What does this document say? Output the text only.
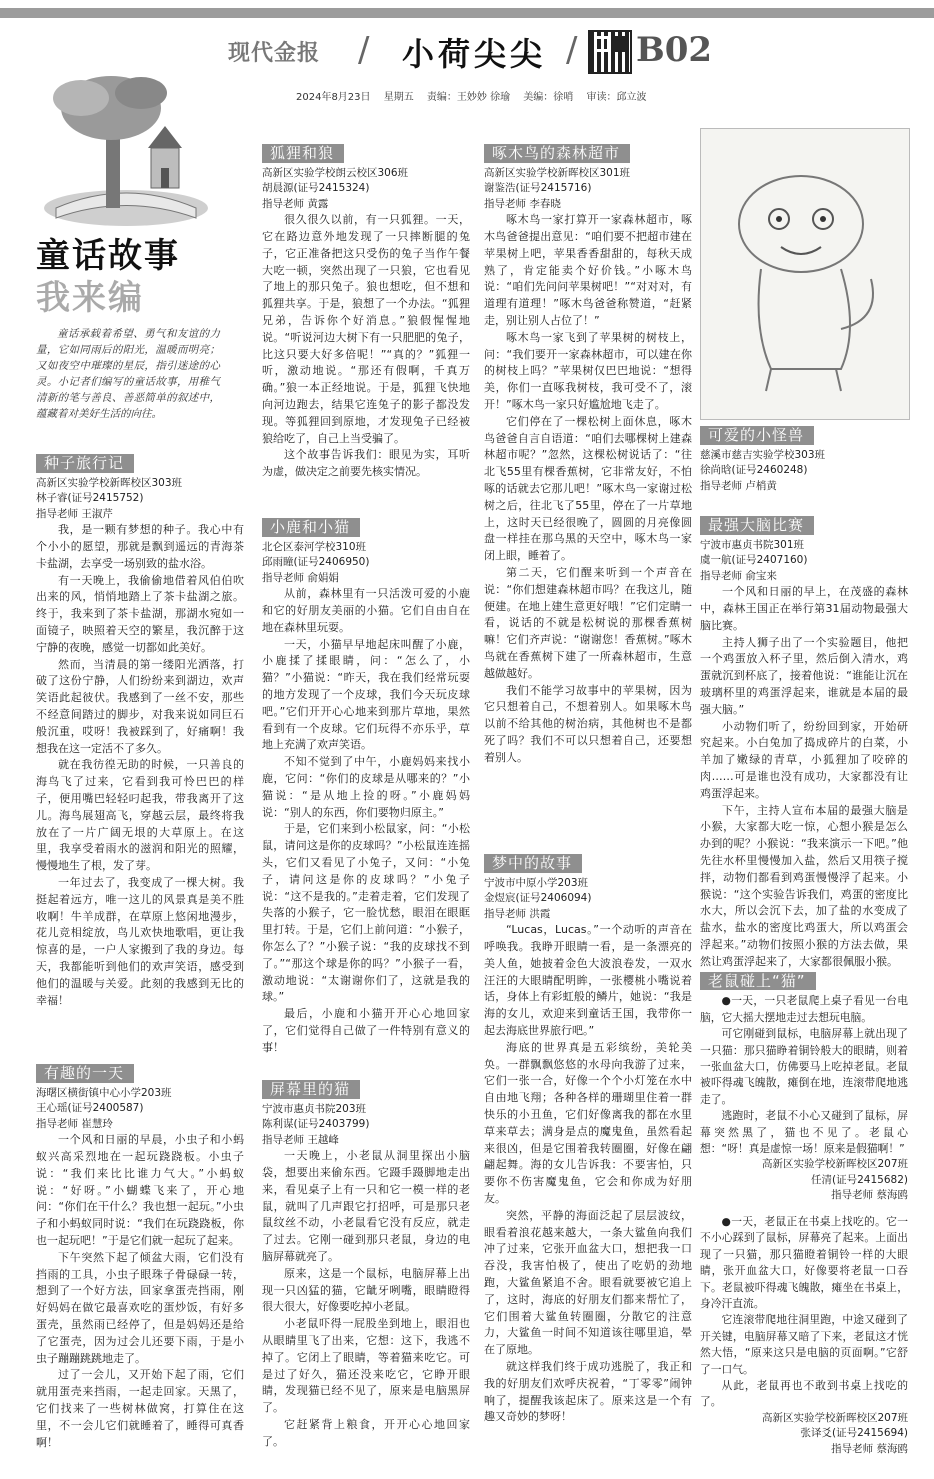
现代金报 / 小荷尖尖 / B02
2024年8月23日 星期五 责编：王妙妙 徐瑜 美编：徐哨 审读：邱立波
童话故事
我来编
童话承载着希望、勇气和友谊的力量，它如同雨后的阳光，温暖而明亮；又如夜空中璀璨的星辰，指引迷途的心灵。小记者们编写的童话故事，用稚气清新的笔与善良、善恶简单的叙述中，蕴藏着对美好生活的向往。
种子旅行记
高新区实验学校新晖校区303班
林子睿(证号2415752)
指导老师 王淑芹

我，是一颗有梦想的种子。我心中有个小小的愿望，那就是飘到遥远的青海茶卡盐湖，去享受一场别致的盐水浴。

有一天晚上，我偷偷地借着风伯伯吹出来的风，悄悄地踏上了茶卡盐湖之旅。终于，我来到了茶卡盐湖，那湖水宛如一面镜子，映照着天空的繁星，我沉醉于这宁静的夜晚，感觉一切都如此美好。

然而，当清晨的第一缕阳光洒落，打破了这份宁静，人们纷纷来到湖边，欢声笑语此起彼伏。我感到了一丝不安，那些不经意间踏过的脚步，对我来说如同巨石般沉重，哎呀！我被踩到了，好痛啊！我想我在这一定活不了多久。

就在我彷徨无助的时候，一只善良的海鸟飞了过来，它看到我可怜巴巴的样子，便用嘴巴轻轻叼起我，带我离开了这儿。海鸟展翅高飞，穿越云层，最终将我放在了一片广阔无垠的大草原上。在这里，我享受着雨水的滋润和阳光的照耀，慢慢地生了根，发了芽。

一年过去了，我变成了一棵大树。我挺起着远方，唯一这儿的风景真是美不胜收啊！牛羊成群，在草原上悠闲地漫步，花儿竞相绽放，鸟儿欢快地歌唱，更让我惊喜的是，一户人家搬到了我的身边。每天，我都能听到他们的欢声笑语，感受到他们的温暖与关爱。此刻的我感到无比的幸福！

有趣的一天
海曙区横街镇中心小学203班
王心瑶(证号2400587)
指导老师 崔慧玲

一个风和日丽的早晨，小虫子和小蚂蚁兴高采烈地在一起玩跷跷板。小虫子说：“我们来比比谁力气大。”小蚂蚁说：“好呀。”小蝴蝶飞来了，开心地问：“你们在干什么？我也想一起玩。”小虫子和小蚂蚁同时说：“我们在玩跷跷板，你也一起玩吧！”于是它们就一起玩了起来。

下午突然下起了倾盆大雨，它们没有挡雨的工具，小虫子眼珠子骨碌碌一转，想到了一个好方法，回家拿蛋壳挡雨，刚好妈妈在做它最喜欢吃的蛋炒饭，有好多蛋壳，虽然雨已经停了，但是妈妈还是给了它蛋壳，因为过会儿还要下雨，于是小虫子蹦蹦跳跳地走了。

过了一会儿，又开始下起了雨，它们就用蛋壳来挡雨，一起走回家。天黑了，它们找来了一些树林做窝，打算住在这里，不一会儿它们就睡着了，睡得可真香啊！

狐狸和狼
高新区实验学校朗云校区306班
胡晨源(证号2415324)
指导老师 黄露

很久很久以前，有一只狐狸。一天，它在路边意外地发现了一只摔断腿的兔子，它正准备把这只受伤的兔子当作午餐大吃一顿，突然出现了一只狼，它也看见了地上的那只兔子。狼也想吃，但不想和狐狸共享。于是，狼想了一个办法。“狐狸兄弟，告诉你个好消息。”狼假惺惺地说。“听说河边大树下有一只肥肥的兔子，比这只要大好多倍呢！”“真的？”狐狸一听，激动地说。“那还有假啊，千真万确。”狼一本正经地说。于是，狐狸飞快地向河边跑去，结果它连兔子的影子都没发现。等狐狸回到原地，才发现兔子已经被狼给吃了，自己上当受骗了。

这个故事告诉我们：眼见为实，耳听为虚，做决定之前要先核实情况。

小鹿和小猫
北仑区泰河学校310班
邱雨瞳(证号2406950)
指导老师 俞娟娟

从前，森林里有一只活泼可爱的小鹿和它的好朋友美丽的小猫。它们自由自在地在森林里玩耍。

一天，小猫早早地起床叫醒了小鹿，小鹿揉了揉眼睛，问：“怎么了，小猫？”小猫说：“昨天，我在我们经常玩耍的地方发现了一个皮球，我们今天玩皮球吧。”它们开开心心地来到那片草地，果然看到有一个皮球。它们玩得不亦乐乎，草地上充满了欢声笑语。

不知不觉到了中午，小鹿妈妈来找小鹿，它问：“你们的皮球是从哪来的？”小猫说：“是从地上捡的呀。”小鹿妈妈说：“别人的东西，你们要物归原主。”

于是，它们来到小松鼠家，问：“小松鼠，请问这是你的皮球吗？”小松鼠连连摇头，它们又看见了小兔子，又问：“小兔子，请问这是你的皮球吗？”小兔子说：“这不是我的。”走着走着，它们发现了失落的小猴子，它一脸忧愁，眼泪在眼眶里打转。于是，它们上前问道：“小猴子，你怎么了？”小猴子说：“我的皮球找不到了。”“那这个球是你的吗？”小猴子一看，激动地说：“太谢谢你们了，这就是我的球。”

最后，小鹿和小猫开开心心地回家了，它们觉得自己做了一件特别有意义的事！

屏幕里的猫
宁波市惠贞书院203班
陈利谋(证号2403799)
指导老师 王越峰

一天晚上，小老鼠从洞里探出小脑袋，想要出来偷东西。它蹑手蹑脚地走出来，看见桌子上有一只和它一模一样的老鼠，就叫了几声跟它打招呼，可是那只老鼠纹丝不动，小老鼠看它没有反应，就走了过去。它刚一碰到那只老鼠，身边的电脑屏幕就亮了。

原来，这是一个鼠标，电脑屏幕上出现一只凶猛的猫，它龇牙咧嘴，眼睛瞪得很大很大，好像要吃掉小老鼠。

小老鼠吓得一屁股坐到地上，眼泪也从眼睛里飞了出来，它想：这下，我逃不掉了。它闭上了眼睛，等着猫来吃它。可是过了好久，猫还没来吃它，它睁开眼睛，发现猫已经不见了，原来是电脑黑屏了。

它赶紧背上粮食，开开心心地回家了。

啄木鸟的森林超市
高新区实验学校新晖校区301班
谢鉴浩(证号2415716)
指导老师 李春晓

啄木鸟一家打算开一家森林超市，啄木鸟爸爸提出意见：“咱们要不把超市建在苹果树上吧，苹果香香甜甜的，每秋天成熟了，肯定能卖个好价钱。”小啄木鸟说：“咱们先问问苹果树吧！”“对对对，有道理有道理！”啄木鸟爸爸称赞道，“赶紧走，别让别人占位了！”

啄木鸟一家飞到了苹果树的树枝上，问：“我们要开一家森林超市，可以建在你的树枝上吗？”苹果树仅巴巴地说：“想得美，你们一直啄我树枝，我可受不了，滚开！”啄木鸟一家只好尴尬地飞走了。

它们停在了一棵松树上面休息，啄木鸟爸爸自言自语道：“咱们去哪棵树上建森林超市呢？”忽然，这棵松树说话了：“往北飞55里有棵香蕉树，它非常友好，不怕啄的话就去它那儿吧！”啄木鸟一家谢过松树之后，往北飞了55里，停在了一片草地上，这时天已经很晚了，圆圆的月亮像圆盘一样挂在那乌黑的天空中，啄木鸟一家闭上眼，睡着了。

第二天，它们醒来听到一个声音在说：“你们想建森林超市吗？在我这儿，随便建。在地上建生意更好哦！”它们定睛一看，说话的不就是松树说的那棵香蕉树嘛！它们齐声说：“谢谢您！香蕉树。”啄木鸟就在香蕉树下建了一所森林超市，生意越做越好。

我们不能学习故事中的苹果树，因为它只想着自己，不想着别人。如果啄木鸟以前不给其他的树治病，其他树也不是都死了吗？我们不可以只想着自己，还要想着别人。

梦中的故事
宁波市中原小学203班
金煜宸(证号2406094)
指导老师 洪霞

“Lucas，Lucas。”一个动听的声音在呼唤我。我睁开眼睛一看，是一条漂亮的美人鱼，她披着金色大波浪卷发，一双水汪汪的大眼睛配明眸，一张樱桃小嘴说着话，身体上有彩虹般的鳞片，她说：“我是海的女儿，欢迎来到童话王国，我带你一起去海底世界旅行吧。”

海底的世界真是五彩缤纷，美轮美奂。一群飘飘悠悠的水母向我游了过来，它们一张一合，好像一个个小灯笼在水中自由地飞翔；各种各样的珊瑚里住着一群快乐的小丑鱼，它们好像离我的都在水里草来草去；满身是点的魔鬼鱼，虽然看起来很凶，但是它围着我转圈圈，好像在翩翩起舞。海的女儿告诉我：不要害怕，只要你不伤害魔鬼鱼，它会和你成为好朋友。

突然，平静的海面泛起了层层波纹，眼看着浪花越来越大，一条大鲨鱼向我们冲了过来，它张开血盆大口，想把我一口吞没，我害怕极了，使出了吃奶的劲地跑，大鲨鱼紧追不舍。眼看就要被它追上了，这时，海底的好朋友们都来帮忙了，它们围着大鲨鱼转圈圈，分散它的注意力，大鲨鱼一时间不知道该往哪里追，晕在了原地。

就这样我们终于成功逃脱了，我正和我的好朋友们欢呼庆祝着，“丁零零”闹钟响了，提醒我该起床了。原来这是一个有趣又奇妙的梦呀！

可爱的小怪兽
慈溪市慈吉实验学校303班
徐尚晗(证号2460248)
指导老师 卢梢黄
最强大脑比赛
宁波市惠贞书院301班
虞一航(证号2407160)
指导老师 俞宝来

一个风和日丽的早上，在茂盛的森林中，森林王国正在举行第31届动物最强大脑比赛。

主持人狮子出了一个实验题目，他把一个鸡蛋放入杯子里，然后倒入清水，鸡蛋就沉到杯底了，接着他说：“谁能让沉在玻璃杯里的鸡蛋浮起来，谁就是本届的最强大脑。”

小动物们听了，纷纷回到家，开始研究起来。小白兔加了捣成碎片的白菜，小羊加了嫩绿的青草，小狐狸加了咬碎的肉……可是谁也没有成功，大家都没有让鸡蛋浮起来。

下午，主持人宣布本届的最强大脑是小猴，大家都大吃一惊，心想小猴是怎么办到的呢？小猴说：“我来演示一下吧。”他先往水杯里慢慢加入盐，然后又用筷子搅拌，动物们都看到鸡蛋慢慢浮了起来。小猴说：“这个实验告诉我们，鸡蛋的密度比水大，所以会沉下去，加了盐的水变成了盐水，盐水的密度比鸡蛋大，所以鸡蛋会浮起来。”动物们按照小猴的方法去做，果然让鸡蛋浮起来了，大家都很佩服小猴。

老鼠碰上“猫”

●一天，一只老鼠爬上桌子看见一台电脑，它大摇大摆地走过去想玩电脑。

可它刚碰到鼠标，电脑屏幕上就出现了一只猫：那只猫睁着铜铃般大的眼睛，则着一张血盆大口，仿佛要马上吃掉老鼠。老鼠被吓得魂飞魄散，瘫倒在地，连滚带爬地逃走了。

逃跑时，老鼠不小心又碰到了鼠标，屏幕突然黑了，猫也不见了。老鼠心想：“呀！真是虚惊一场！原来是假猫啊！”

高新区实验学校新晖校区207班
任清(证号2415682)
指导老师 蔡海鸥

●一天，老鼠正在书桌上找吃的。它一不小心踩到了鼠标，屏幕亮了起来。上面出现了一只猫，那只猫瞪着铜铃一样的大眼睛，张开血盆大口，好像要将老鼠一口吞下。老鼠被吓得魂飞魄散，瘫坐在书桌上，身冷汗直流。

它连滚带爬地往洞里跑，中途又碰到了开关键，电脑屏幕又暗了下来，老鼠这才恍然大悟，“原来这只是电脑的页面啊。”它舒了一口气。

从此，老鼠再也不敢到书桌上找吃的了。

高新区实验学校新晖校区207班
张译爻(证号2415694)
指导老师 蔡海鸥
